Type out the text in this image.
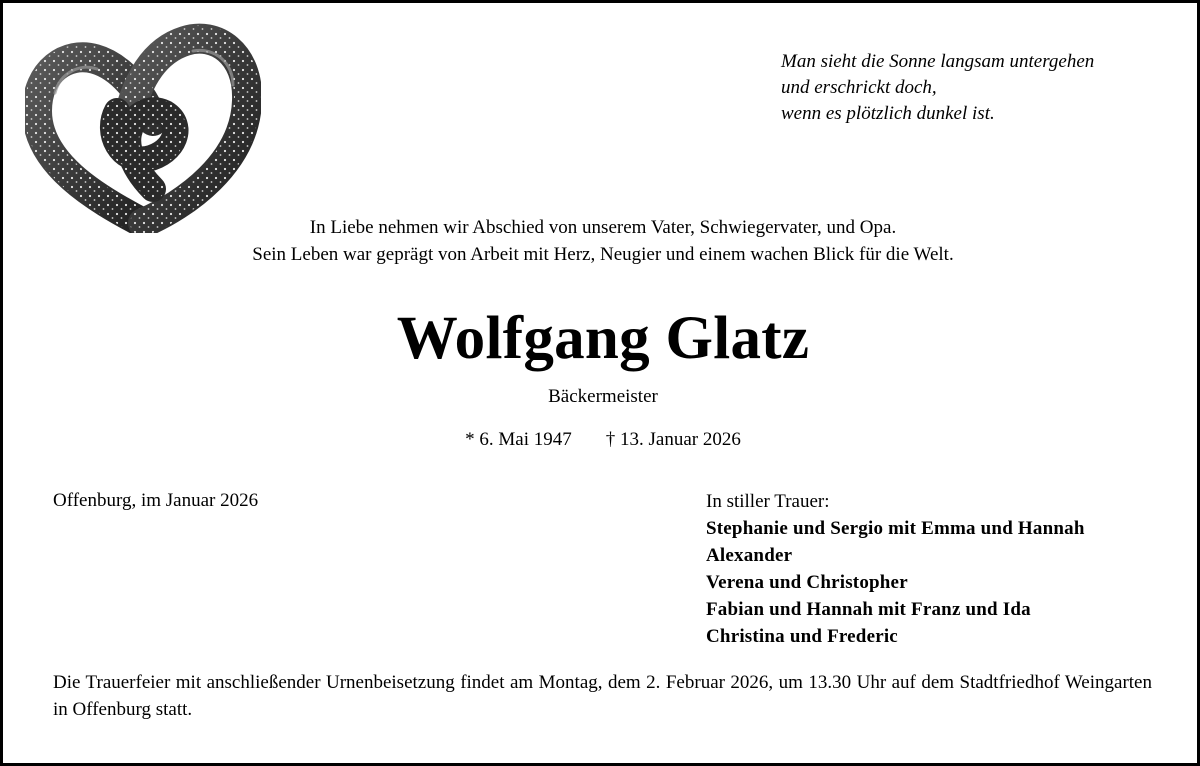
Man sieht die Sonne langsam untergehen
und erschrickt doch,
wenn es plötzlich dunkel ist.
In Liebe nehmen wir Abschied von unserem Vater, Schwiegervater, und Opa.
Sein Leben war geprägt von Arbeit mit Herz, Neugier und einem wachen Blick für die Welt.
Wolfgang Glatz
Bäckermeister
* 6. Mai 1947 † 13. Januar 2026
Offenburg, im Januar 2026	In stiller Trauer:
Stephanie und Sergio mit Emma und Hannah
Alexander
Verena und Christopher
Fabian und Hannah mit Franz und Ida
Christina und Frederic
Die Trauerfeier mit anschließender Urnenbeisetzung findet am Montag, dem 2. Februar 2026, um 13.30 Uhr auf dem Stadtfriedhof Weingarten in Offenburg statt.
